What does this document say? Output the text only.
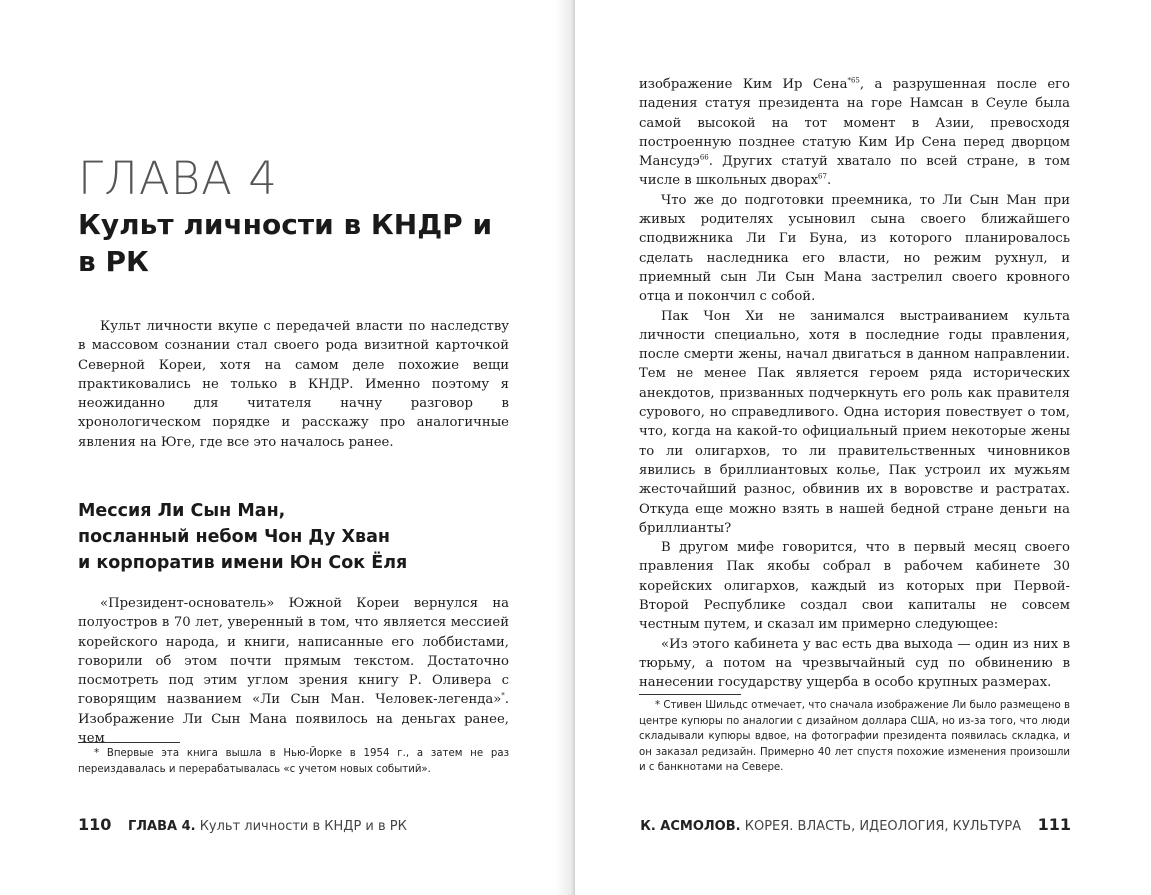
ГЛАВА 4
Культ личности в КНДР и в РК

Культ личности вкупе с передачей власти по наследству в массовом сознании стал своего рода визитной карточкой Северной Кореи, хотя на самом деле похожие вещи практиковались не только в КНДР. Именно поэтому я неожиданно для читателя начну разговор в хронологическом порядке и расскажу про аналогичные явления на Юге, где все это началось ранее.

Мессия Ли Сын Ман,
посланный небом Чон Ду Хван
и корпоратив имени Юн Сок Ёля

«Президент-основатель» Южной Кореи вернулся на полуостров в 70 лет, уверенный в том, что является мессией корейского народа, и книги, написанные его лоббистами, говорили об этом почти прямым текстом. Достаточно посмотреть под этим углом зрения книгу Р. Оливера с говорящим названием «Ли Сын Ман. Человек-легенда»*. Изображение Ли Сын Мана появилось на деньгах ранее, чем

* Впервые эта книга вышла в Нью-Йорке в 1954 г., а затем не раз переиздавалась и перерабатывалась «с учетом новых событий».

110 ГЛАВА 4. Культ личности в КНДР и в РК

изображение Ким Ир Сена$^{*65}$, а разрушенная после его падения статуя президента на горе Намсан в Сеуле была самой высокой на тот момент в Азии, превосходя построенную позднее статую Ким Ир Сена перед дворцом Мансудэ$^{66}$. Других статуй хватало по всей стране, в том числе в школьных дворах$^{67}$.

Что же до подготовки преемника, то Ли Сын Ман при живых родителях усыновил сына своего ближайшего сподвижника Ли Ги Буна, из которого планировалось сделать наследника его власти, но режим рухнул, и приемный сын Ли Сын Мана застрелил своего кровного отца и покончил с собой.

Пак Чон Хи не занимался выстраиванием культа личности специально, хотя в последние годы правления, после смерти жены, начал двигаться в данном направлении. Тем не менее Пак является героем ряда исторических анекдотов, призванных подчеркнуть его роль как правителя сурового, но справедливого. Одна история повествует о том, что, когда на какой-то официальный прием некоторые жены то ли олигархов, то ли правительственных чиновников явились в бриллиантовых колье, Пак устроил их мужьям жесточайший разнос, обвинив их в воровстве и растратах. Откуда еще можно взять в нашей бедной стране деньги на бриллианты?

В другом мифе говорится, что в первый месяц своего правления Пак якобы собрал в рабочем кабинете 30 корейских олигархов, каждый из которых при Первой-Второй Республике создал свои капиталы не совсем честным путем, и сказал им примерно следующее:

«Из этого кабинета у вас есть два выхода — один из них в тюрьму, а потом на чрезвычайный суд по обвинению в нанесении государству ущерба в особо крупных размерах.

* Стивен Шильдс отмечает, что сначала изображение Ли было размещено в центре купюры по аналогии с дизайном доллара США, но из-за того, что люди складывали купюры вдвое, на фотографии президента появилась складка, и он заказал редизайн. Примерно 40 лет спустя похожие изменения произошли и с банкнотами на Севере.

К. АСМОЛОВ. КОРЕЯ. ВЛАСТЬ, ИДЕОЛОГИЯ, КУЛЬТУРА 111
